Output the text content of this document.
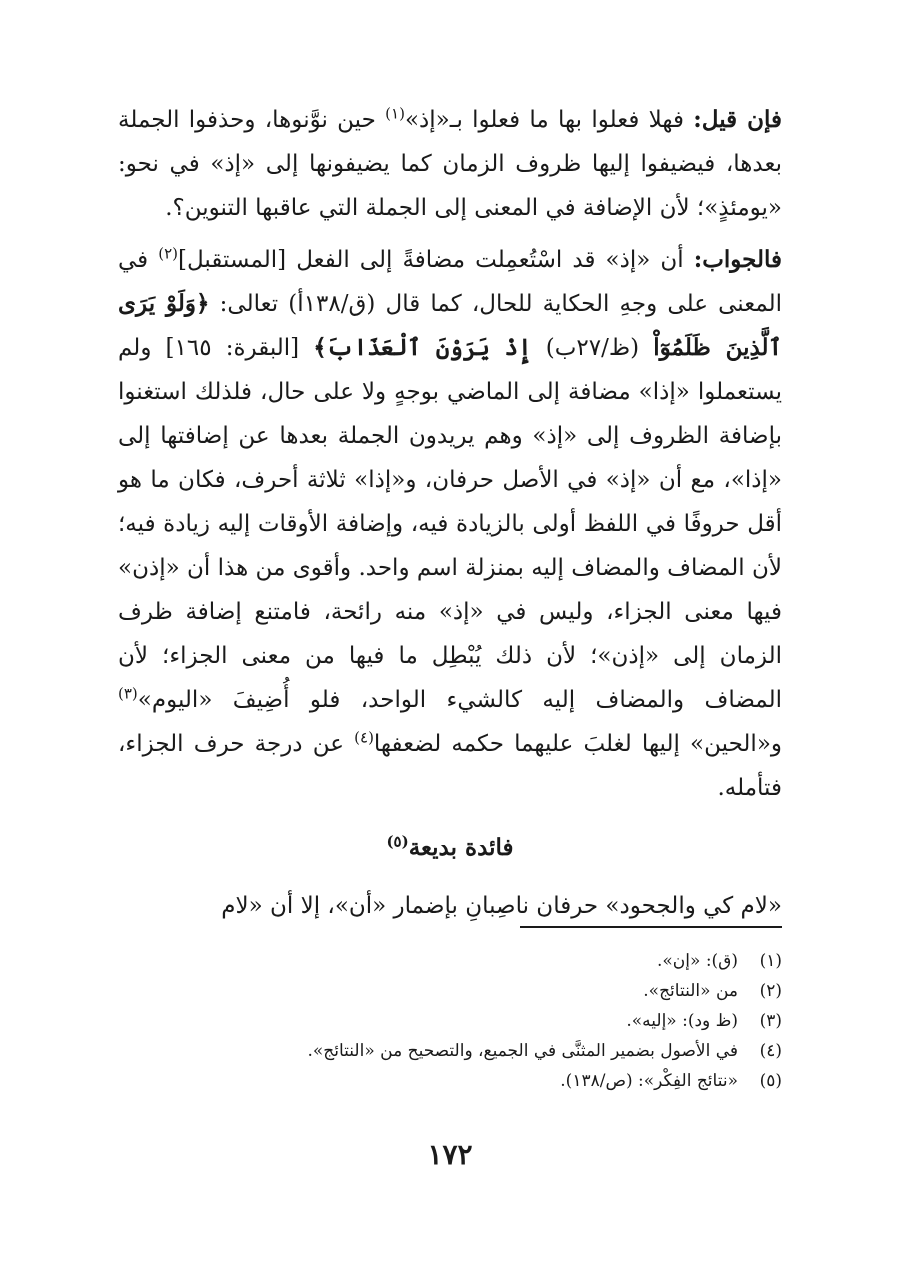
فإن قيل: فهلا فعلوا بها ما فعلوا بـ«إذ»$^{(١)}$ حين نوَّنوها، وحذفوا الجملة بعدها، فيضيفوا إليها ظروف الزمان كما يضيفونها إلى «إذ» في نحو: «يومئذٍ»؛ لأن الإضافة في المعنى إلى الجملة التي عاقبها التنوين؟.

فالجواب: أن «إذ» قد اسْتُعمِلت مضافةً إلى الفعل [المستقبل]$^{(٢)}$ في المعنى على وجهِ الحكاية للحال، كما قال (ق/١٣٨أ) تعالى: ﴿وَلَوْ يَرَى ٱلَّذِينَ ظَلَمُوٓاْ (ظ/٢٧ب) إِذْ يَرَوْنَ ٱلْعَذَابَ﴾ [البقرة: ١٦٥] ولم يستعملوا «إذا» مضافة إلى الماضي بوجهٍ ولا على حال، فلذلك استغنوا بإضافة الظروف إلى «إذ» وهم يريدون الجملة بعدها عن إضافتها إلى «إذا»، مع أن «إذ» في الأصل حرفان، و«إذا» ثلاثة أحرف، فكان ما هو أقل حروفًا في اللفظ أولى بالزيادة فيه، وإضافة الأوقات إليه زيادة فيه؛ لأن المضاف والمضاف إليه بمنزلة اسم واحد. وأقوى من هذا أن «إذن» فيها معنى الجزاء، وليس في «إذ» منه رائحة، فامتنع إضافة ظرف الزمان إلى «إذن»؛ لأن ذلك يُبْطِل ما فيها من معنى الجزاء؛ لأن المضاف والمضاف إليه كالشيء الواحد، فلو أُضِيفَ «اليوم»$^{(٣)}$ و«الحين» إليها لغلبَ عليهما حكمه لضعفها$^{(٤)}$ عن درجة حرف الجزاء، فتأمله.

فائدة بديعة$^{(٥)}$

«لام كي والجحود» حرفان ناصِبانِ بإضمار «أن»، إلا أن «لام

(١)
(ق): «إن».
(٢)
من «النتائج».
(٣)
(ظ ود): «إليه».
(٤)
في الأصول بضمير المثنَّى في الجميع، والتصحيح من «النتائج».
(٥)
«نتائج الفِكْر»: (ص/١٣٨).
١٧٢
